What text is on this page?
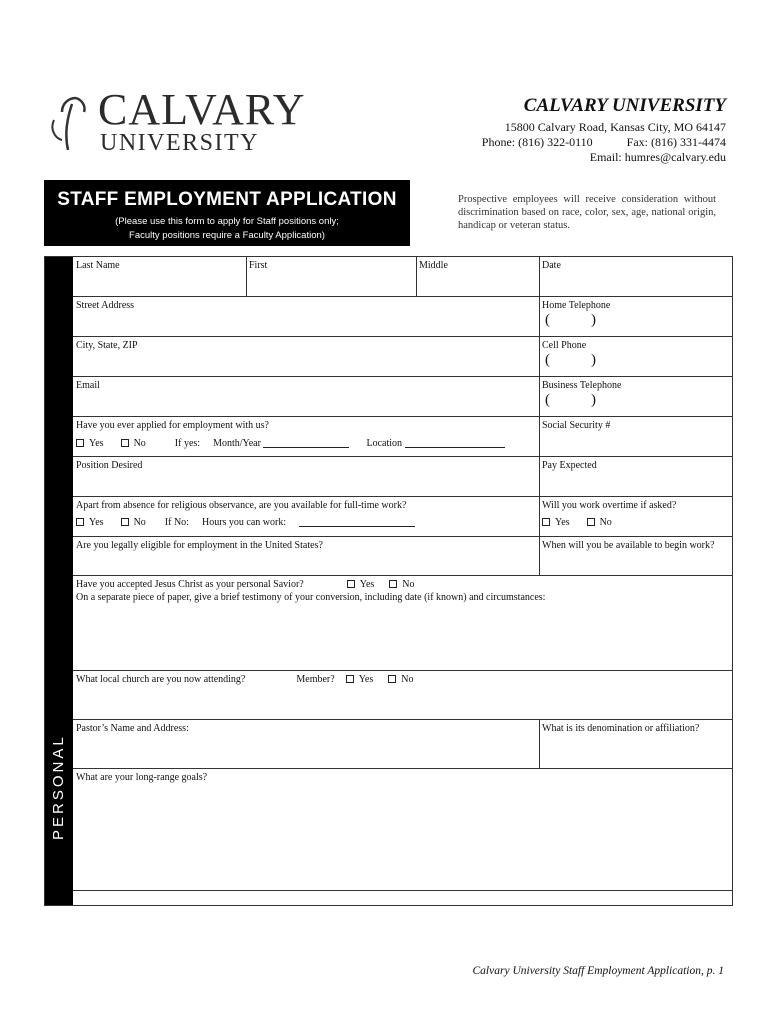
CALVARY
UNIVERSITY
CALVARY UNIVERSITY
15800 Calvary Road, Kansas City, MO 64147
Phone: (816) 322-0110	Fax: (816) 331-4474
Email: humres@calvary.edu
STAFF EMPLOYMENT APPLICATION
(Please use this form to apply for Staff positions only;
Faculty positions require a Faculty Application)
Prospective employees will receive consideration without discrimination based on race, color, sex, age, national origin, handicap or veteran status.
PERSONAL
Last Name	First	Middle	Date
Street Address	Home Telephone
(	)
City, State, ZIP	Cell Phone
(	)
Email	Business Telephone
(	)
Have you ever applied for employment with us?
Yes	No	If yes: Month/Year	Location
Social Security #
Position Desired	Pay Expected
Apart from absence for religious observance, are you available for full-time work?
Yes	No If No: Hours you can work:
Will you work overtime if asked?
Yes	No
Are you legally eligible for employment in the United States?	When will you be available to begin work?
Have you accepted Jesus Christ as your personal Savior?	Yes	No
On a separate piece of paper, give a brief testimony of your conversion, including date (if known) and circumstances:
What local church are you now attending?	Member? Yes	No
Pastor’s Name and Address:	What is its denomination or affiliation?
What are your long-range goals?
Calvary University Staff Employment Application, p. 1
